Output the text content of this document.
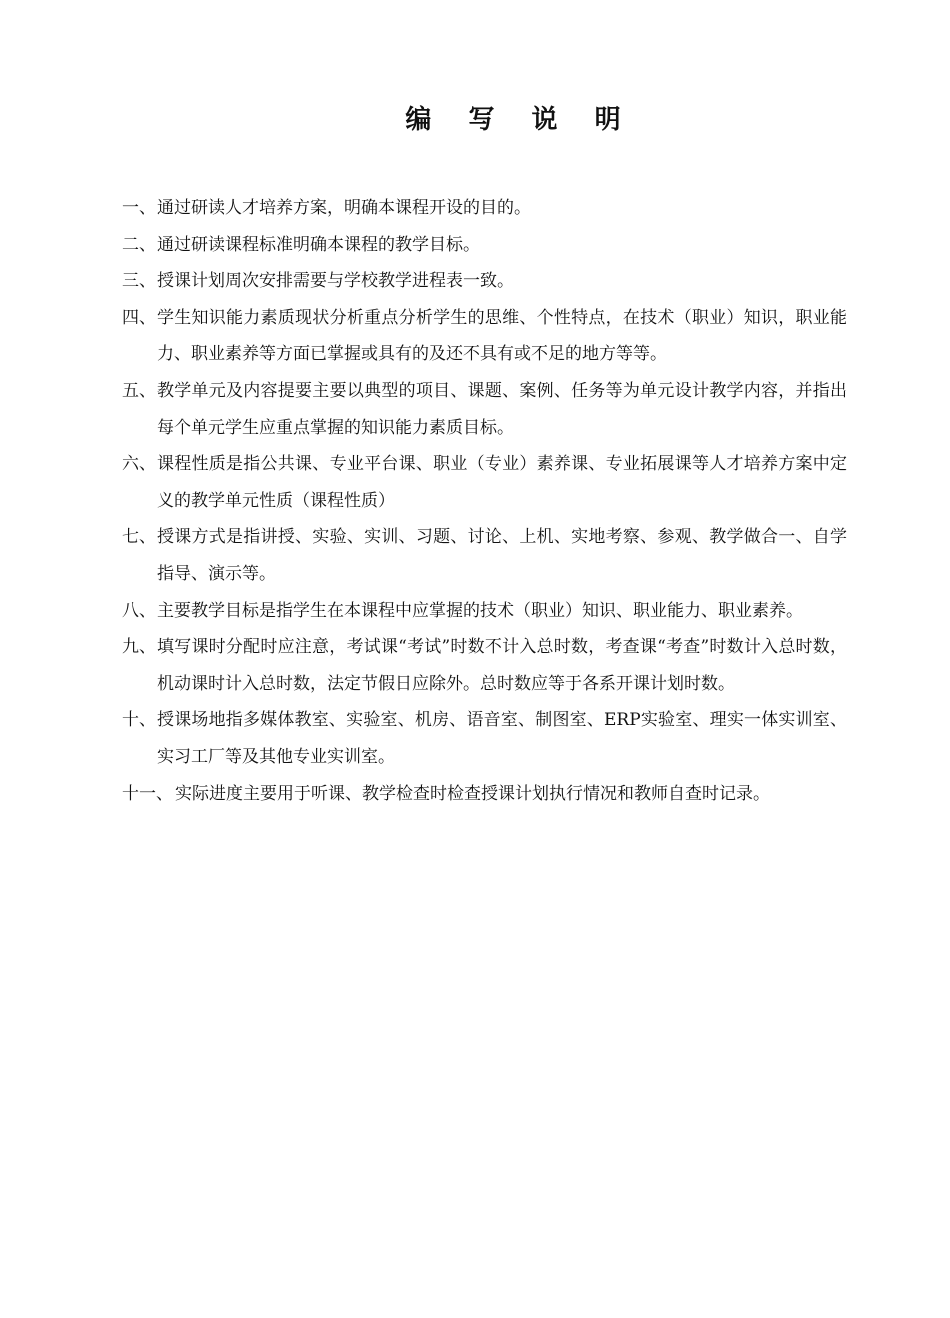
编 写 说 明
一、 通过研读人才培养方案，明确本课程开设的目的。
二、 通过研读课程标准明确本课程的教学目标。
三、 授课计划周次安排需要与学校教学进程表一致。
四、 学生知识能力素质现状分析重点分析学生的思维、个性特点，在技术（职业）知识，职业能力、职业素养等方面已掌握或具有的及还不具有或不足的地方等等。
五、 教学单元及内容提要主要以典型的项目、课题、案例、任务等为单元设计教学内容，并指出每个单元学生应重点掌握的知识能力素质目标。
六、 课程性质是指公共课、专业平台课、职业（专业）素养课、专业拓展课等人才培养方案中定义的教学单元性质（课程性质）
七、 授课方式是指讲授、实验、实训、习题、讨论、上机、实地考察、参观、教学做合一、自学指导、演示等。
八、 主要教学目标是指学生在本课程中应掌握的技术（职业）知识、职业能力、职业素养。
九、 填写课时分配时应注意，考试课“考试”时数不计入总时数，考查课“考查”时数计入总时数，机动课时计入总时数，法定节假日应除外。总时数应等于各系开课计划时数。
十、 授课场地指多媒体教室、实验室、机房、语音室、制图室、ERP实验室、理实一体实训室、实习工厂等及其他专业实训室。
十一、 实际进度主要用于听课、教学检查时检查授课计划执行情况和教师自查时记录。
